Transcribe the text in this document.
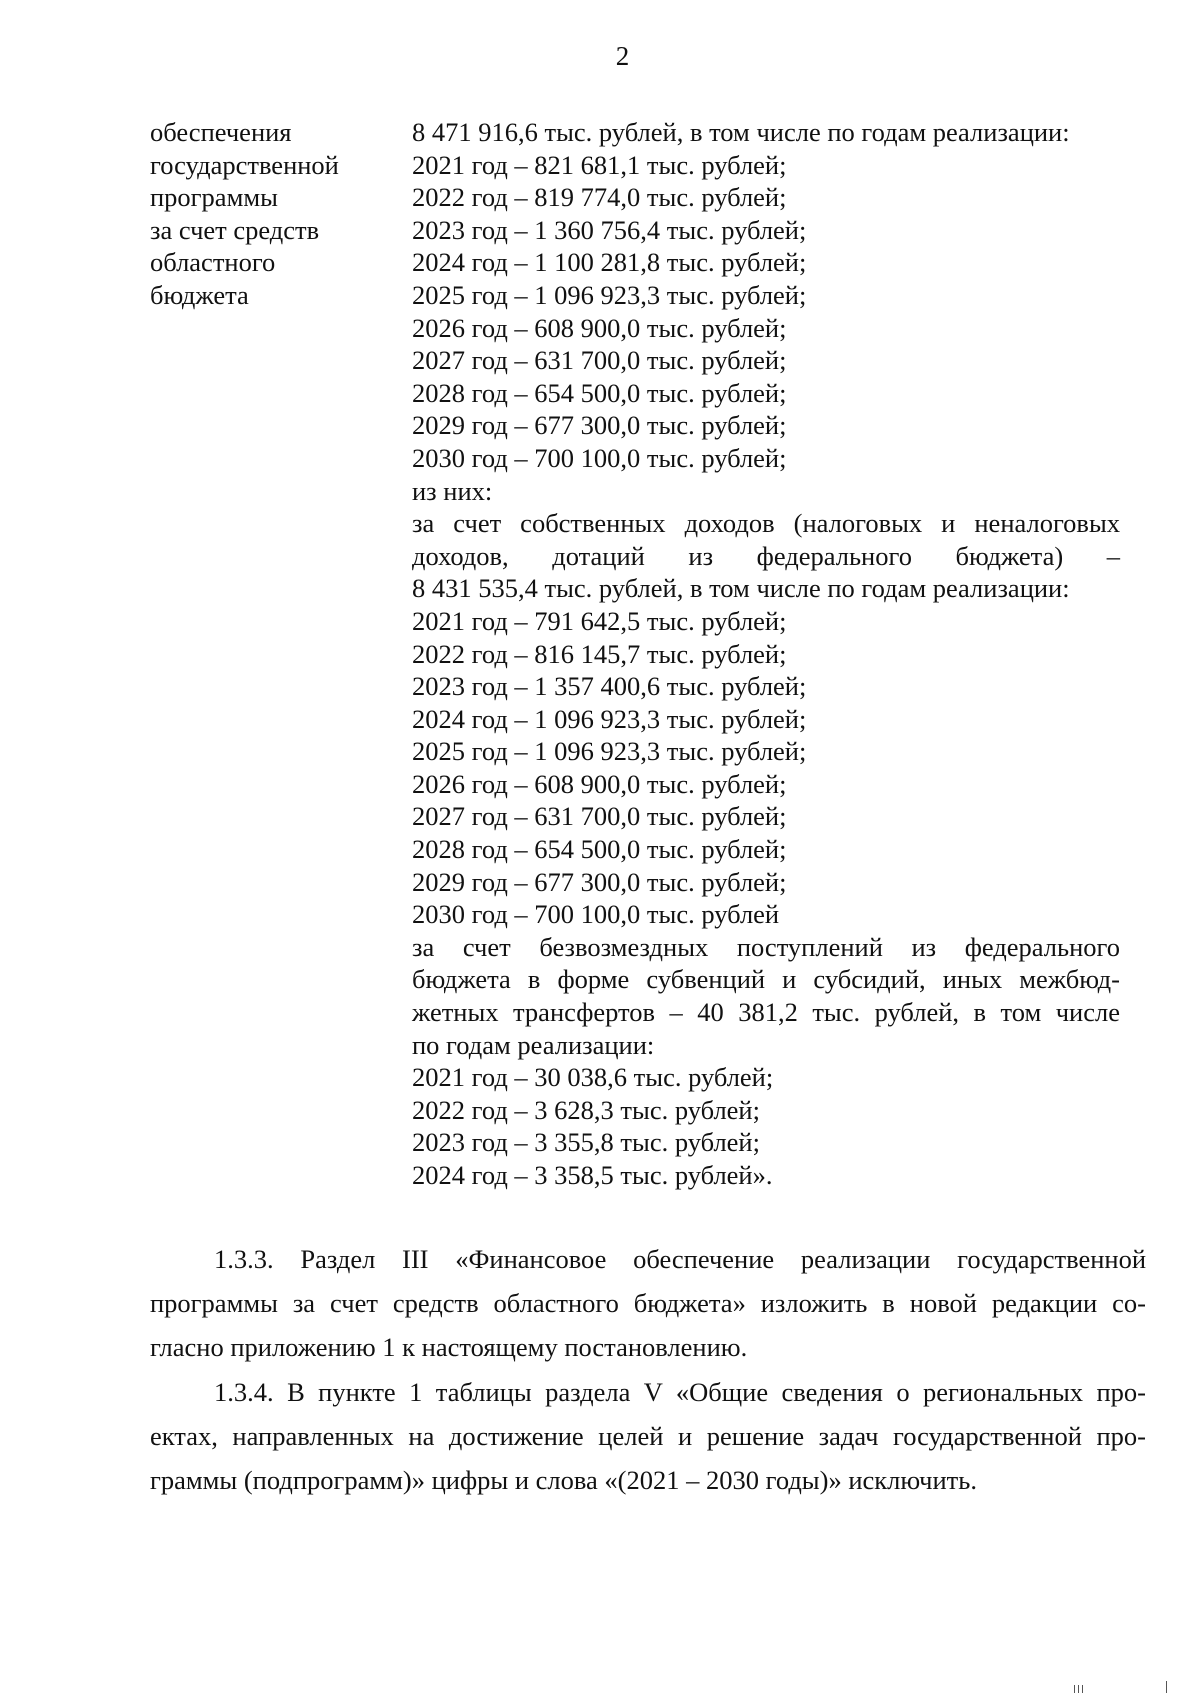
2
обеспечения
государственной
программы
за счет средств
областного
бюджета
8 471 916,6 тыс. рублей, в том числе по годам реализации:
2021 год – 821 681,1 тыс. рублей;
2022 год – 819 774,0 тыс. рублей;
2023 год – 1 360 756,4 тыс. рублей;
2024 год – 1 100 281,8 тыс. рублей;
2025 год – 1 096 923,3 тыс. рублей;
2026 год – 608 900,0 тыс. рублей;
2027 год – 631 700,0 тыс. рублей;
2028 год – 654 500,0 тыс. рублей;
2029 год – 677 300,0 тыс. рублей;
2030 год – 700 100,0 тыс. рублей;
из них:
за счет собственных доходов (налоговых и неналоговых
доходов, дотаций из федерального бюджета) –
8 431 535,4 тыс. рублей, в том числе по годам реализации:
2021 год – 791 642,5 тыс. рублей;
2022 год – 816 145,7 тыс. рублей;
2023 год – 1 357 400,6 тыс. рублей;
2024 год – 1 096 923,3 тыс. рублей;
2025 год – 1 096 923,3 тыс. рублей;
2026 год – 608 900,0 тыс. рублей;
2027 год – 631 700,0 тыс. рублей;
2028 год – 654 500,0 тыс. рублей;
2029 год – 677 300,0 тыс. рублей;
2030 год – 700 100,0 тыс. рублей
за счет безвозмездных поступлений из федерального
бюджета в форме субвенций и субсидий, иных межбюд-
жетных трансфертов – 40 381,2 тыс. рублей, в том числе
по годам реализации:
2021 год – 30 038,6 тыс. рублей;
2022 год – 3 628,3 тыс. рублей;
2023 год – 3 355,8 тыс. рублей;
2024 год – 3 358,5 тыс. рублей».
1.3.3. Раздел III «Финансовое обеспечение реализации государственной
программы за счет средств областного бюджета» изложить в новой редакции со-
гласно приложению 1 к настоящему постановлению.
1.3.4. В пункте 1 таблицы раздела V «Общие сведения о региональных про-
ектах, направленных на достижение целей и решение задач государственной про-
граммы (подпрограмм)» цифры и слова «(2021 – 2030 годы)» исключить.
